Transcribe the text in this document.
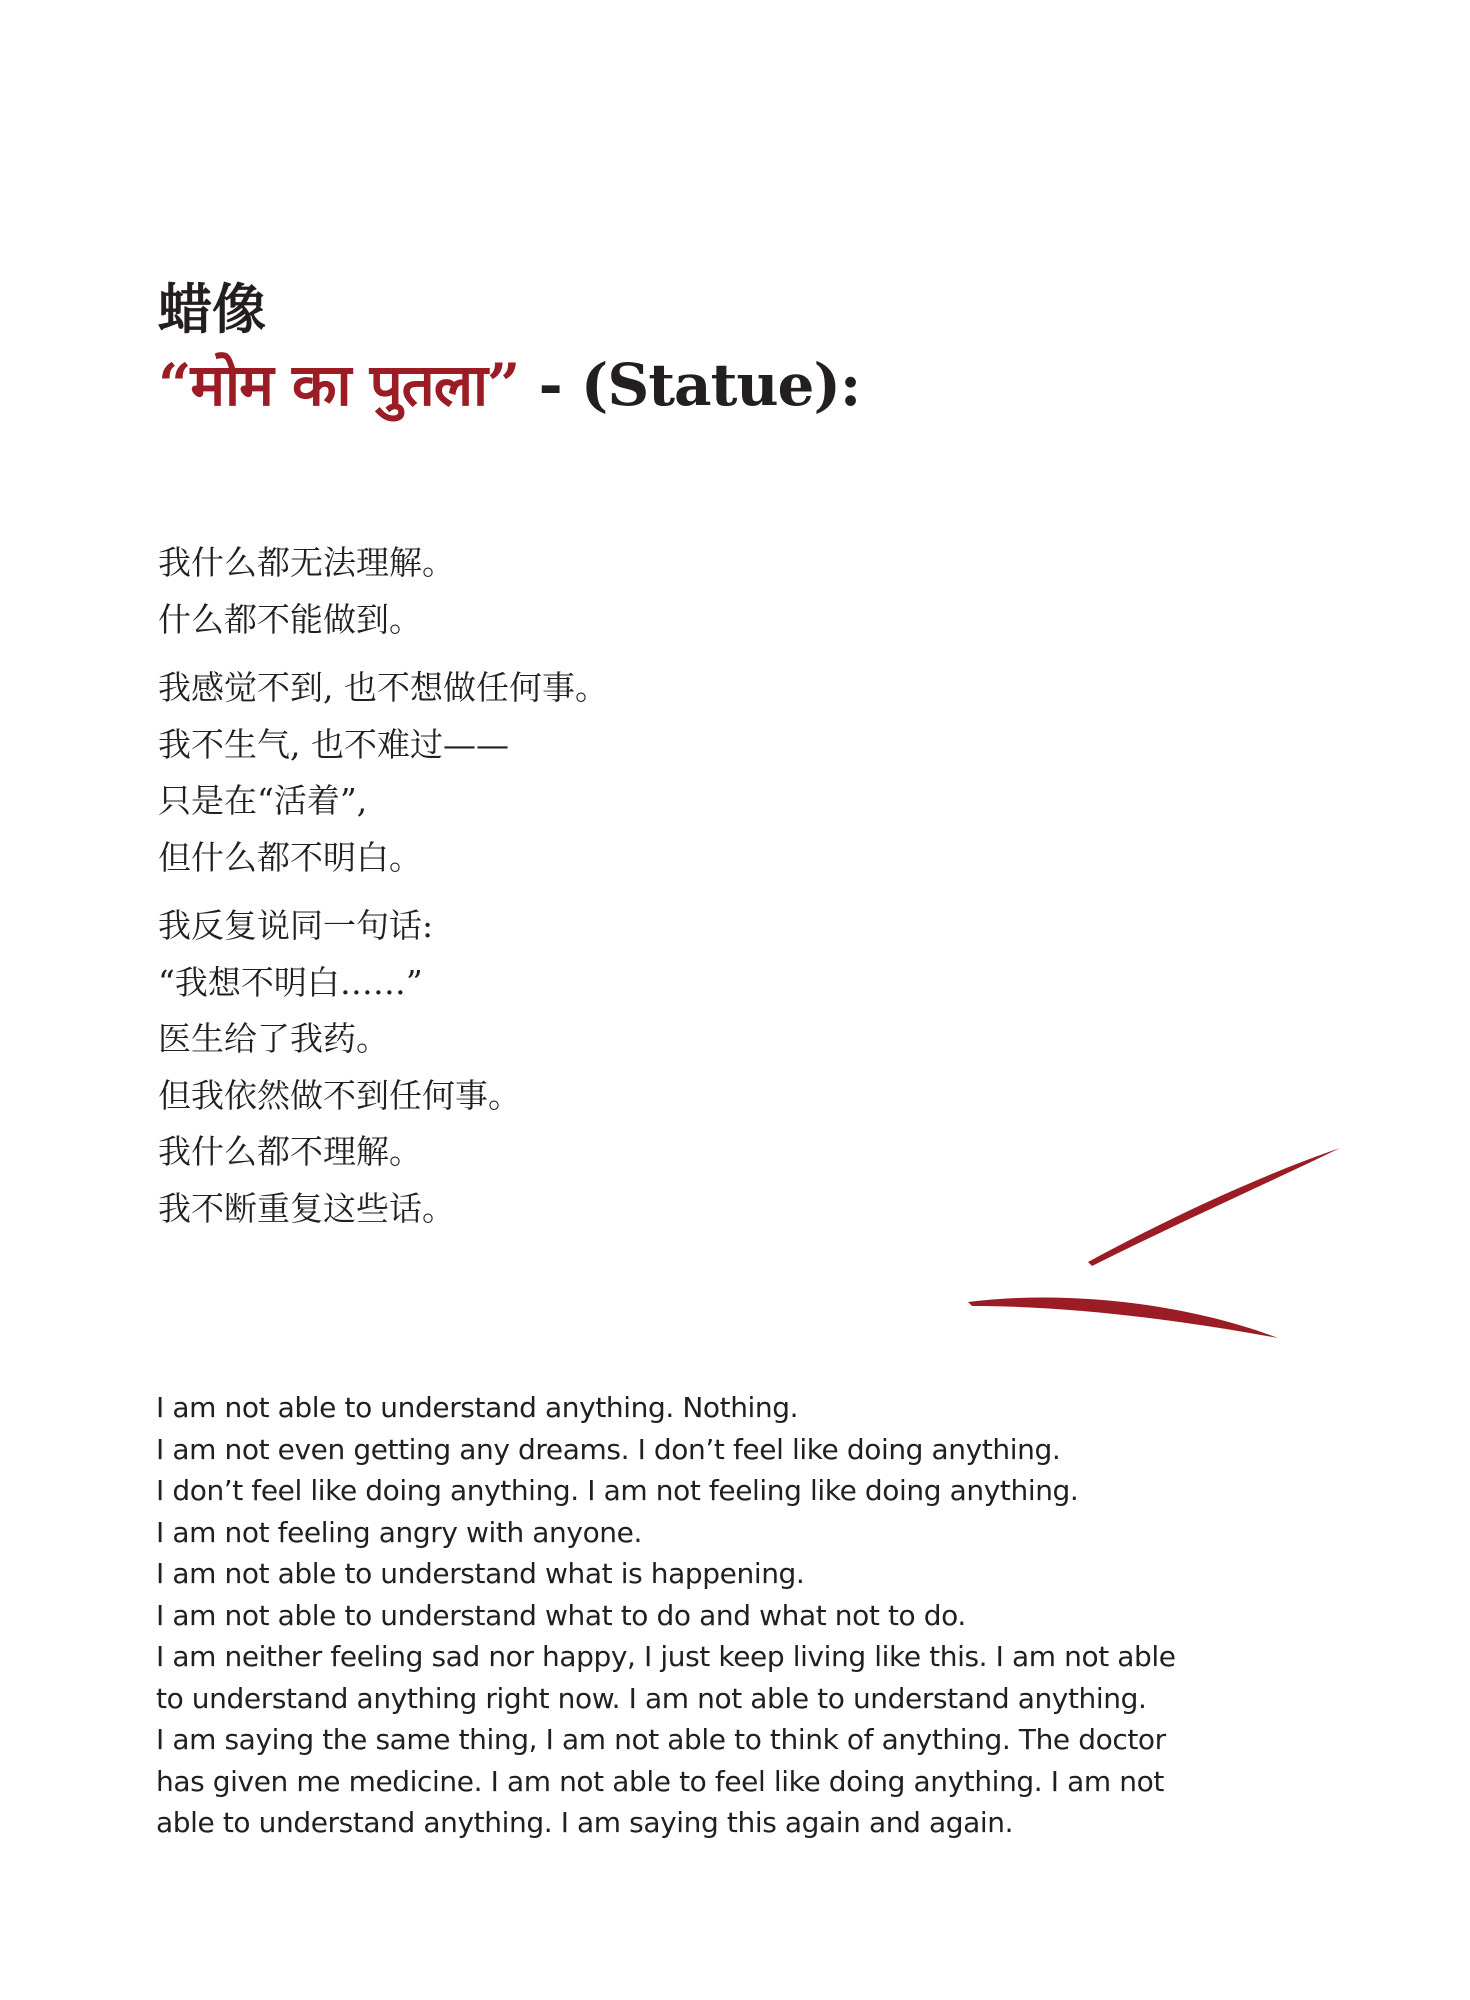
蜡像
“मोम का पुतला” - (Statue):
我什么都无法理解。
什么都不能做到。
我感觉不到, 也不想做任何事。
我不生气, 也不难过——
只是在“活着”,
但什么都不明白。
我反复说同一句话:
“我想不明白……”
医生给了我药。
但我依然做不到任何事。
我什么都不理解。
我不断重复这些话。
I am not able to understand anything. Nothing.
I am not even getting any dreams. I don’t feel like doing anything.
I don’t feel like doing anything. I am not feeling like doing anything.
I am not feeling angry with anyone.
I am not able to understand what is happening.
I am not able to understand what to do and what not to do.
I am neither feeling sad nor happy, I just keep living like this. I am not able
to understand anything right now. I am not able to understand anything.
I am saying the same thing, I am not able to think of anything. The doctor
has given me medicine. I am not able to feel like doing anything. I am not
able to understand anything. I am saying this again and again.
